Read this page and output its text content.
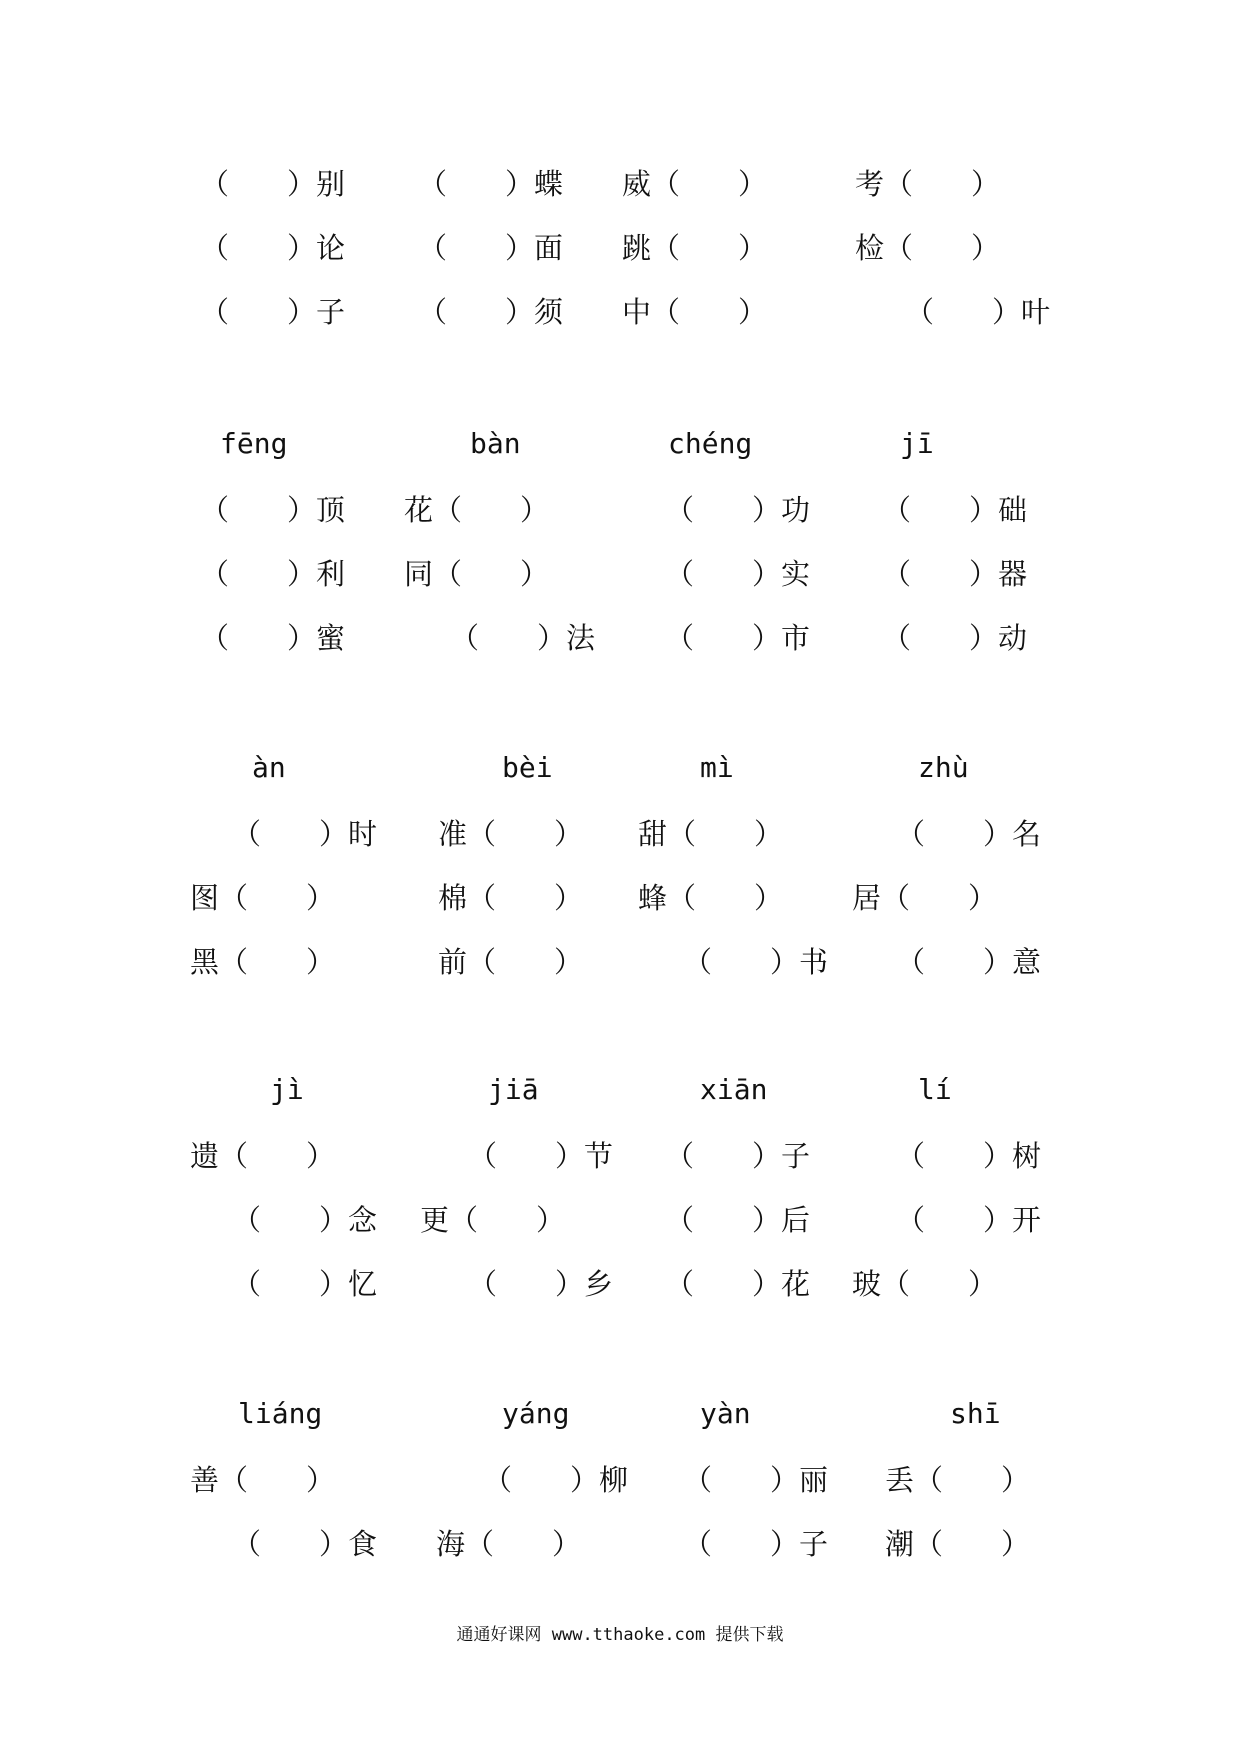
（　　）别	（　　）蝶 威（　　）	考（　　）
（　　）论	（　　）面 跳（　　）	检（　　）
（　　）子	（　　）须 中（　　）	（　　）叶
fēng	bàn	chéng	jī
（　　）顶 花（　　）	（　　）功 （　　）础
（　　）利 同（　　）	（　　）实 （　　）器
（　　）蜜	（　　）法 （　　）市 （　　）动
àn	bèi	mì	zhù
（　　）时 准（　　） 甜（　　）	（　　）名
图（　　）	棉（　　） 蜂（　　） 居（　　）
黑（　　）	前（　　）	（　　）书 （　　）意
jì	jiā	xiān	lí
遗（　　）	（　　）节 （　　）子	（　　）树
（　　）念 更（　　）	（　　）后	（　　）开
（　　）忆	（　　）乡 （　　）花 玻（　　）
liáng	yáng	yàn	shī
善（　　）	（　　）柳 （　　）丽 丢（　　）
（　　）食 海（　　）	（　　）子 潮（　　）
通通好课网 www.tthaoke.com 提供下载
